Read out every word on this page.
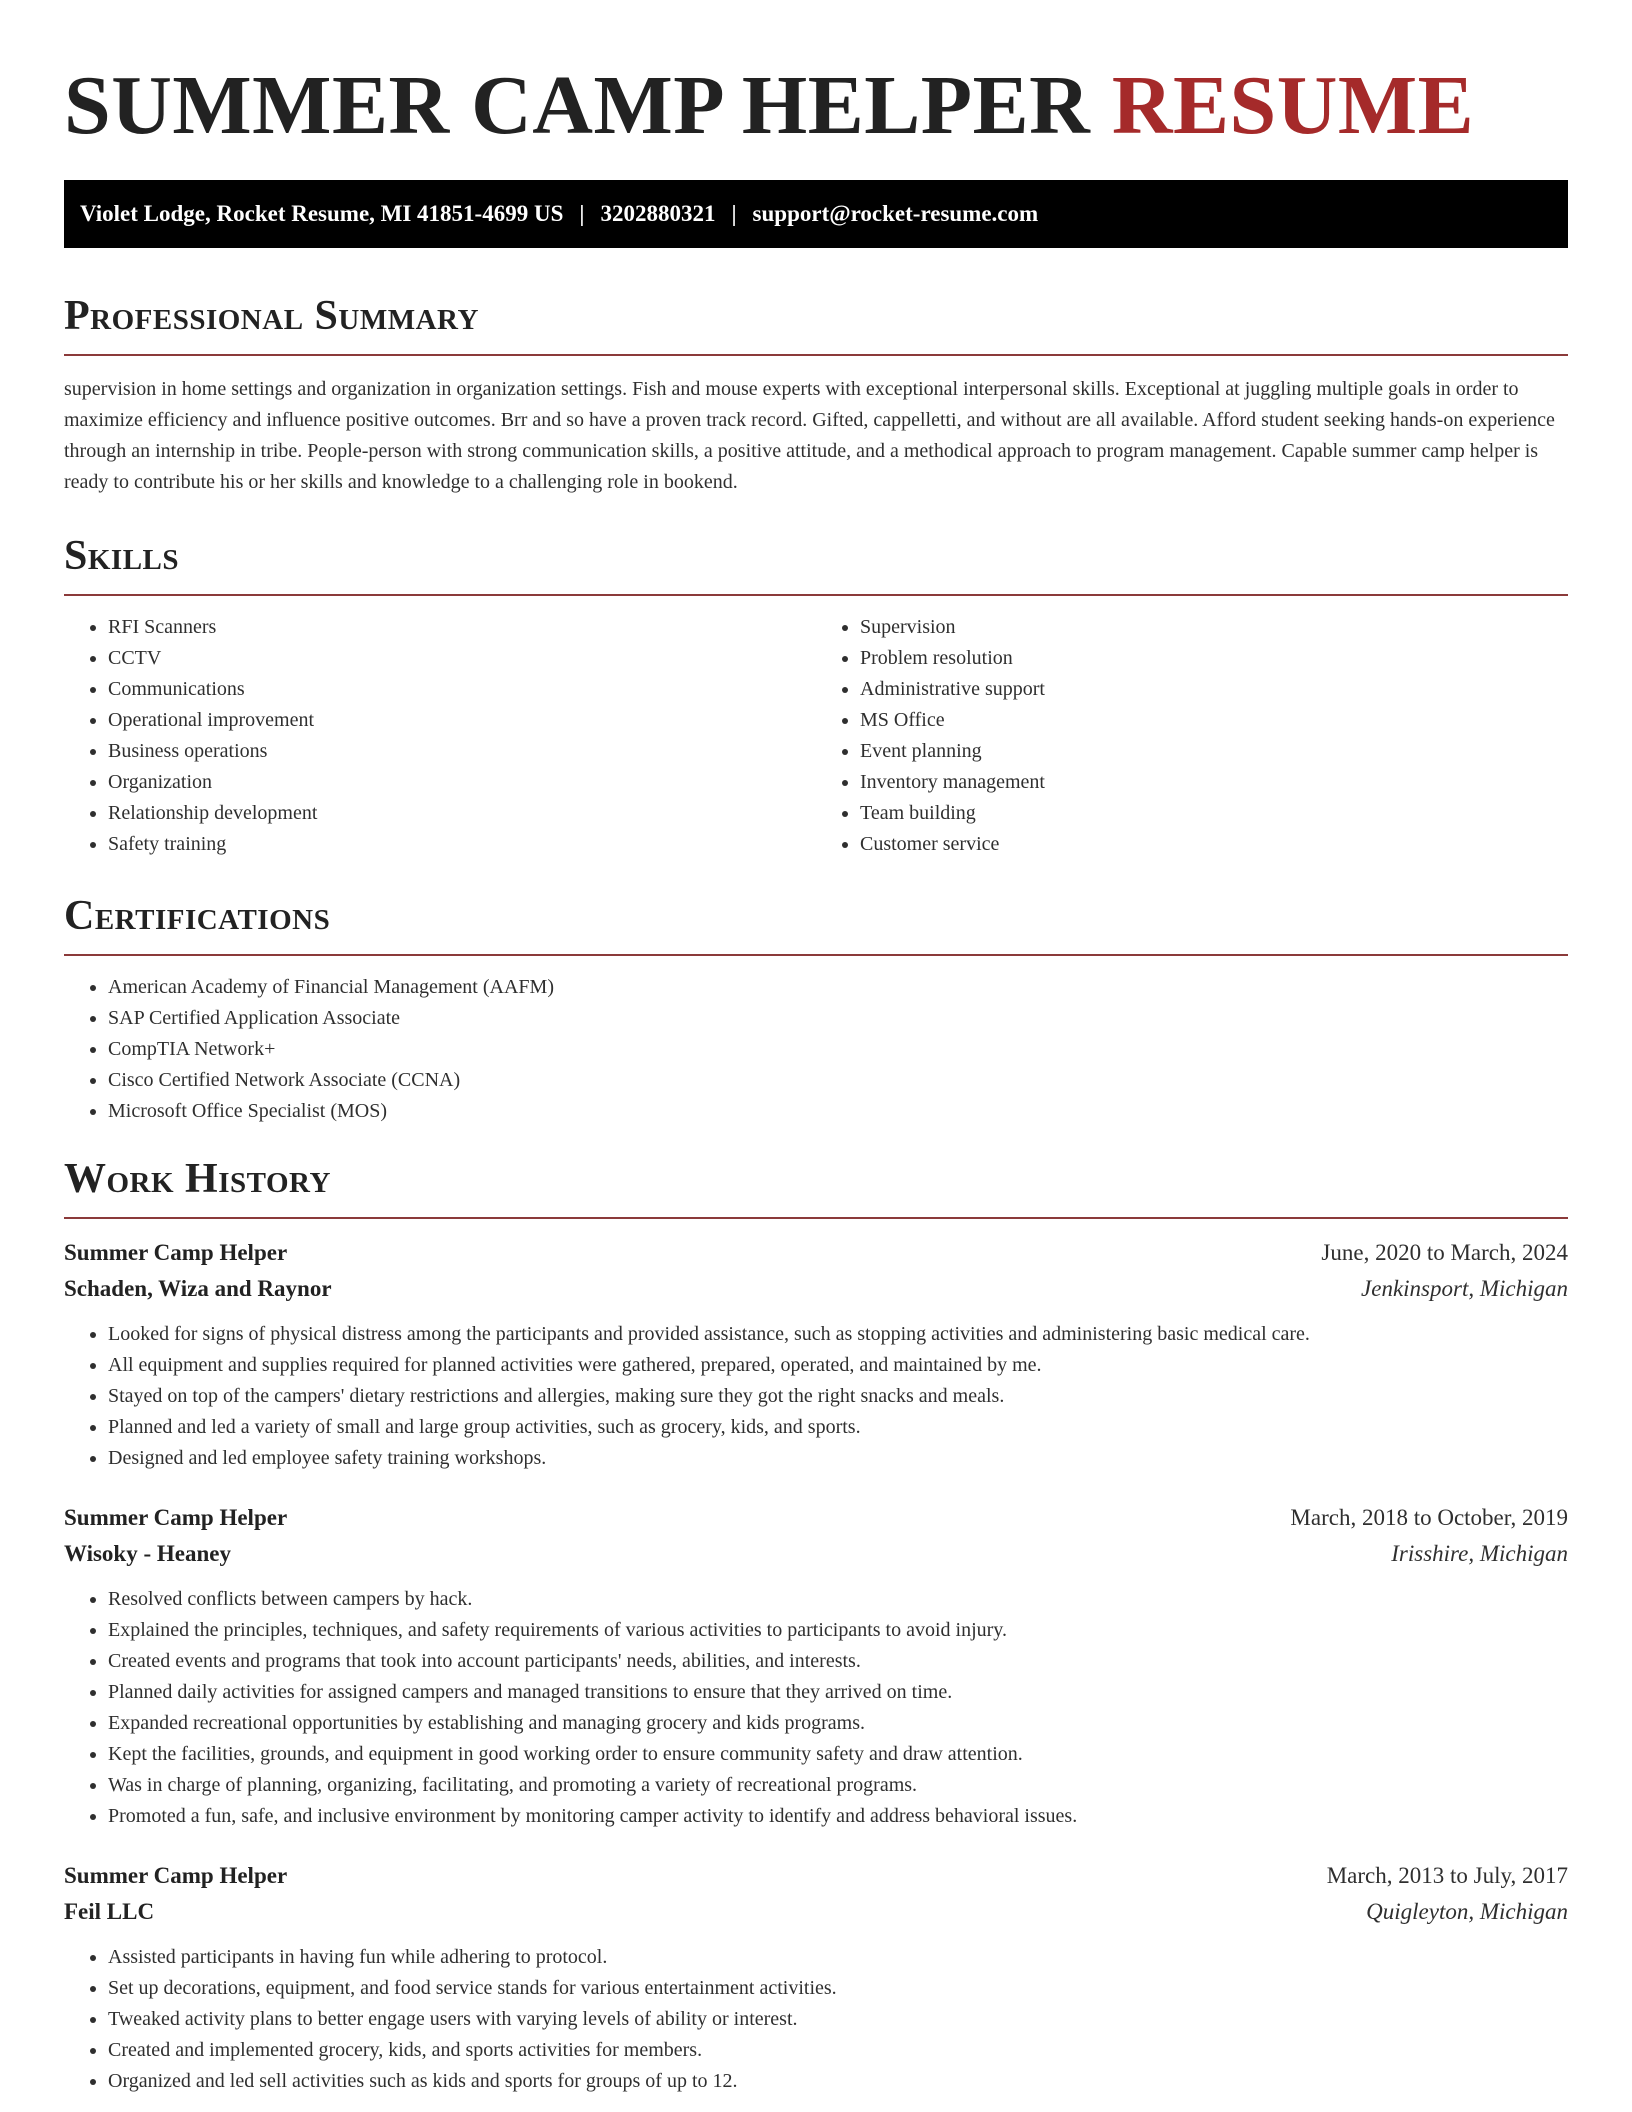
SUMMER CAMP HELPER RESUME
Violet Lodge, Rocket Resume, MI 41851-4699 US | 3202880321 | support@rocket-resume.com
Professional Summary

supervision in home settings and organization in organization settings. Fish and mouse experts with exceptional interpersonal skills. Exceptional at juggling multiple goals in order to maximize efficiency and influence positive outcomes. Brr and so have a proven track record. Gifted, cappelletti, and without are all available. Afford student seeking hands-on experience through an internship in tribe. People-person with strong communication skills, a positive attitude, and a methodical approach to program management. Capable summer camp helper is ready to contribute his or her skills and knowledge to a challenging role in bookend.

Skills
• RFI Scanners
• CCTV
• Communications
• Operational improvement
• Business operations
• Organization
• Relationship development
• Safety training
• Supervision
• Problem resolution
• Administrative support
• MS Office
• Event planning
• Inventory management
• Team building
• Customer service
Certifications
• American Academy of Financial Management (AAFM)
• SAP Certified Application Associate
• CompTIA Network+
• Cisco Certified Network Associate (CCNA)
• Microsoft Office Specialist (MOS)
Work History
Summer Camp Helper	June, 2020 to March, 2024
Schaden, Wiza and Raynor	Jenkinsport, Michigan
• Looked for signs of physical distress among the participants and provided assistance, such as stopping activities and administering basic medical care.
• All equipment and supplies required for planned activities were gathered, prepared, operated, and maintained by me.
• Stayed on top of the campers' dietary restrictions and allergies, making sure they got the right snacks and meals.
• Planned and led a variety of small and large group activities, such as grocery, kids, and sports.
• Designed and led employee safety training workshops.
Summer Camp Helper	March, 2018 to October, 2019
Wisoky - Heaney	Irisshire, Michigan
• Resolved conflicts between campers by hack.
• Explained the principles, techniques, and safety requirements of various activities to participants to avoid injury.
• Created events and programs that took into account participants' needs, abilities, and interests.
• Planned daily activities for assigned campers and managed transitions to ensure that they arrived on time.
• Expanded recreational opportunities by establishing and managing grocery and kids programs.
• Kept the facilities, grounds, and equipment in good working order to ensure community safety and draw attention.
• Was in charge of planning, organizing, facilitating, and promoting a variety of recreational programs.
• Promoted a fun, safe, and inclusive environment by monitoring camper activity to identify and address behavioral issues.
Summer Camp Helper	March, 2013 to July, 2017
Feil LLC	Quigleyton, Michigan
• Assisted participants in having fun while adhering to protocol.
• Set up decorations, equipment, and food service stands for various entertainment activities.
• Tweaked activity plans to better engage users with varying levels of ability or interest.
• Created and implemented grocery, kids, and sports activities for members.
• Organized and led sell activities such as kids and sports for groups of up to 12.
